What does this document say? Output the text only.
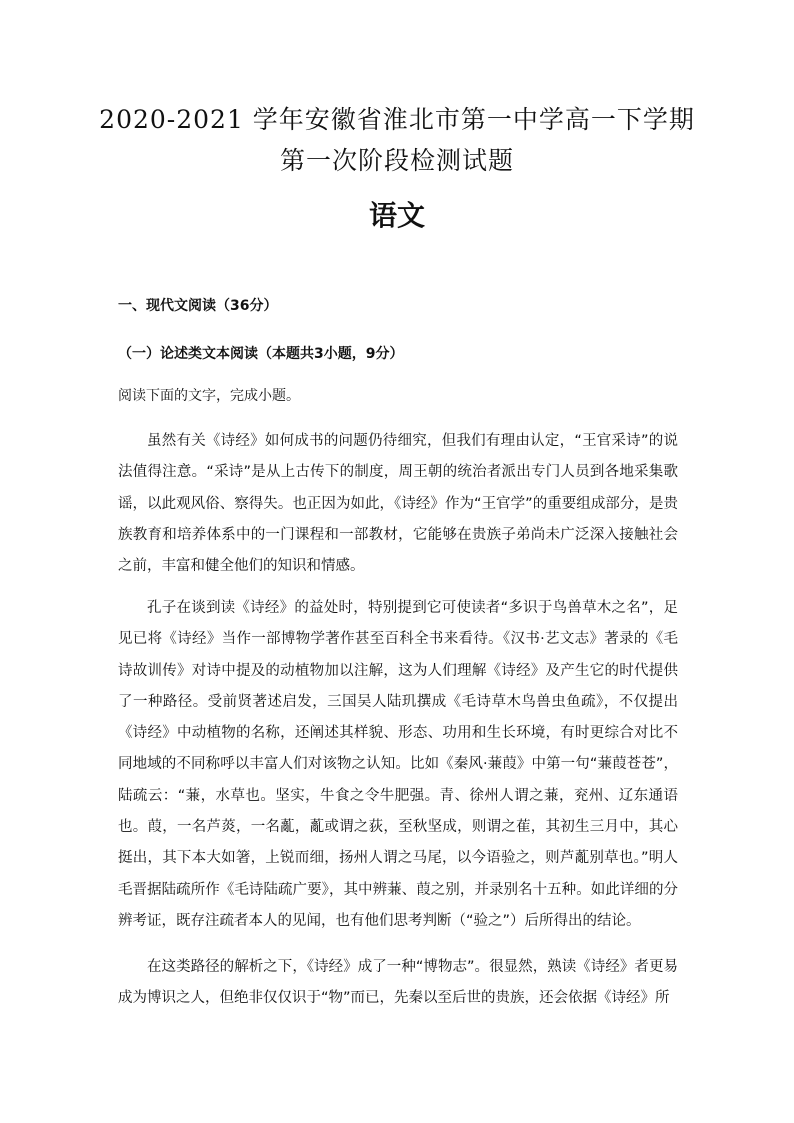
2020-2021 学年安徽省淮北市第一中学高一下学期
第一次阶段检测试题
语文

一、现代文阅读（36分）

（一）论述类文本阅读（本题共3小题，9分）

阅读下面的文字，完成小题。

虽然有关《诗经》如何成书的问题仍待细究，但我们有理由认定，“王官采诗”的说法值得注意。“采诗”是从上古传下的制度，周王朝的统治者派出专门人员到各地采集歌谣，以此观风俗、察得失。也正因为如此，《诗经》作为“王官学”的重要组成部分，是贵族教育和培养体系中的一门课程和一部教材，它能够在贵族子弟尚未广泛深入接触社会之前，丰富和健全他们的知识和情感。

孔子在谈到读《诗经》的益处时，特别提到它可使读者“多识于鸟兽草木之名”，足见已将《诗经》当作一部博物学著作甚至百科全书来看待。《汉书·艺文志》著录的《毛诗故训传》对诗中提及的动植物加以注解，这为人们理解《诗经》及产生它的时代提供了一种路径。受前贤著述启发，三国吴人陆玑撰成《毛诗草木鸟兽虫鱼疏》，不仅提出《诗经》中动植物的名称，还阐述其样貌、形态、功用和生长环境，有时更综合对比不同地域的不同称呼以丰富人们对该物之认知。比如《秦风·蒹葭》中第一句“蒹葭苍苍”，陆疏云：“蒹，水草也。坚实，牛食之令牛肥强。青、徐州人谓之蒹，兖州、辽东通语也。葭，一名芦菼，一名薍，薍或谓之荻，至秋坚成，则谓之萑，其初生三月中，其心挺出，其下本大如箸，上锐而细，扬州人谓之马尾，以今语验之，则芦薍别草也。”明人毛晋据陆疏所作《毛诗陆疏广要》，其中辨蒹、葭之别，并录别名十五种。如此详细的分辨考证，既存注疏者本人的见闻，也有他们思考判断（“验之”）后所得出的结论。

在这类路径的解析之下，《诗经》成了一种“博物志”。很显然，熟读《诗经》者更易成为博识之人，但绝非仅仅识于“物”而已，先秦以至后世的贵族，还会依据《诗经》所
